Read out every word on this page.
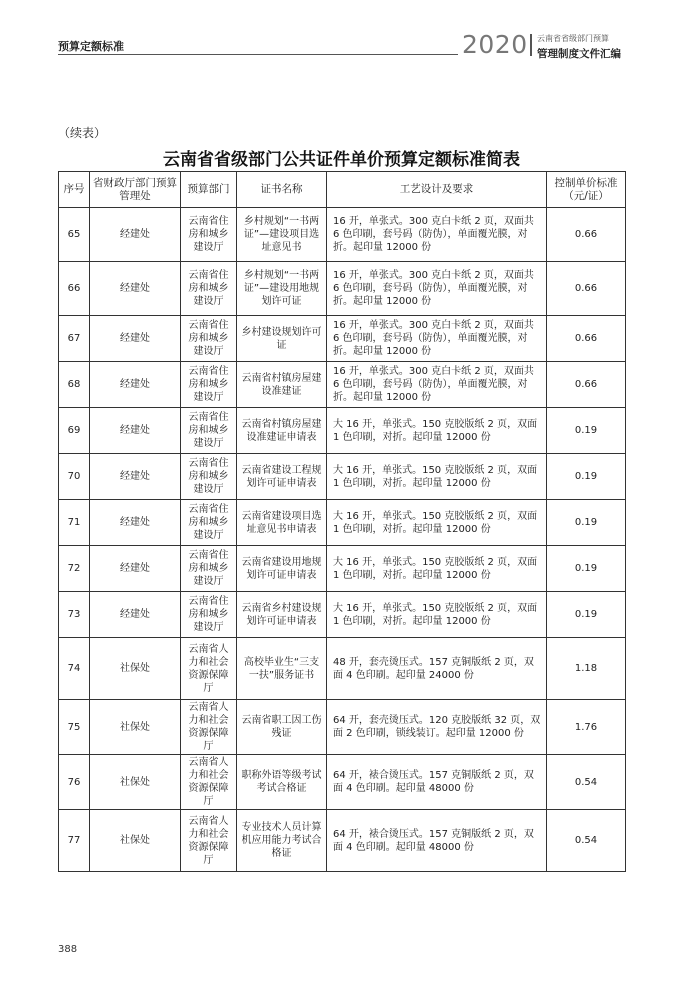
预算定额标准	2020 云南省省级部门预算
管理制度文件汇编
（续表）
云南省省级部门公共证件单价预算定额标准简表
序号	省财政厅部门预算管理处	预算部门	证书名称	工艺设计及要求	控制单价标准（元/证）
65	经建处	云南省住房和城乡建设厅	乡村规划“一书两证”—建设项目选址意见书	16 开，单张式。300 克白卡纸 2 页，双面共 6 色印刷，套号码（防伪），单面覆光膜，对折。起印量 12000 份	0.66
66	经建处	云南省住房和城乡建设厅	乡村规划“一书两证”—建设用地规划许可证	16 开，单张式。300 克白卡纸 2 页，双面共 6 色印刷，套号码（防伪），单面覆光膜，对折。起印量 12000 份	0.66
67	经建处	云南省住房和城乡建设厅	乡村建设规划许可证	16 开，单张式。300 克白卡纸 2 页，双面共 6 色印刷，套号码（防伪），单面覆光膜，对折。起印量 12000 份	0.66
68	经建处	云南省住房和城乡建设厅	云南省村镇房屋建设准建证	16 开，单张式。300 克白卡纸 2 页，双面共 6 色印刷，套号码（防伪），单面覆光膜，对折。起印量 12000 份	0.66
69	经建处	云南省住房和城乡建设厅	云南省村镇房屋建设准建证申请表	大 16 开，单张式。150 克胶版纸 2 页，双面 1 色印刷，对折。起印量 12000 份	0.19
70	经建处	云南省住房和城乡建设厅	云南省建设工程规划许可证申请表	大 16 开，单张式。150 克胶版纸 2 页，双面 1 色印刷，对折。起印量 12000 份	0.19
71	经建处	云南省住房和城乡建设厅	云南省建设项目选址意见书申请表	大 16 开，单张式。150 克胶版纸 2 页，双面 1 色印刷，对折。起印量 12000 份	0.19
72	经建处	云南省住房和城乡建设厅	云南省建设用地规划许可证申请表	大 16 开，单张式。150 克胶版纸 2 页，双面 1 色印刷，对折。起印量 12000 份	0.19
73	经建处	云南省住房和城乡建设厅	云南省乡村建设规划许可证申请表	大 16 开，单张式。150 克胶版纸 2 页，双面 1 色印刷，对折。起印量 12000 份	0.19
74	社保处	云南省人力和社会资源保障厅	高校毕业生“三支一扶”服务证书	48 开，套壳烫压式。157 克铜版纸 2 页，双面 4 色印刷。起印量 24000 份	1.18
75	社保处	云南省人力和社会资源保障厅	云南省职工因工伤残证	64 开，套壳烫压式。120 克胶版纸 32 页，双面 2 色印刷，锁线装订。起印量 12000 份	1.76
76	社保处	云南省人力和社会资源保障厅	职称外语等级考试考试合格证	64 开，裱合烫压式。157 克铜版纸 2 页，双面 4 色印刷。起印量 48000 份	0.54
77	社保处	云南省人力和社会资源保障厅	专业技术人员计算机应用能力考试合格证	64 开，裱合烫压式。157 克铜版纸 2 页，双面 4 色印刷。起印量 48000 份	0.54
388
